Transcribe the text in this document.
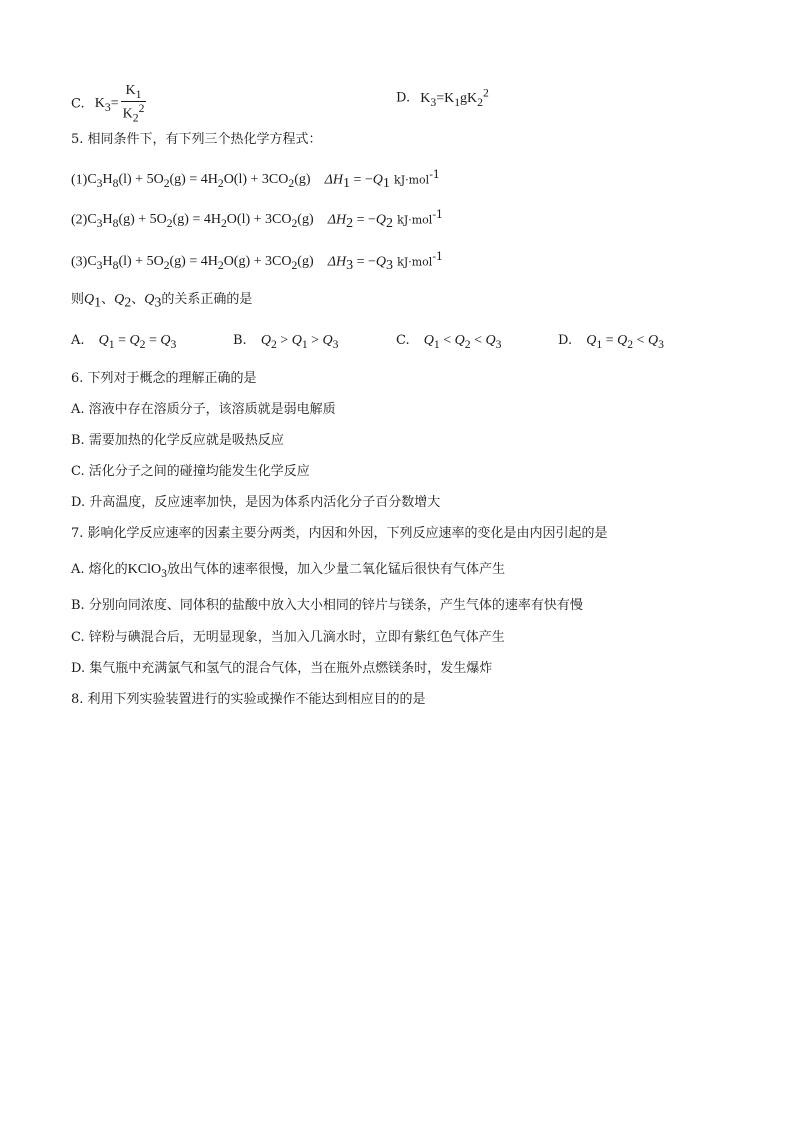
C. $K_3= \frac{K_1}{K_2^2}$	D. $K_3=K_1gK_2^2$
5. 相同条件下，有下列三个热化学方程式：
$(1)C_3H_8(l) + 5O_2(g) = 4H_2O(l) + 3CO_2(g) \Delta H_1 = -Q_1$ kJ·mol$^{-1}$
$(2)C_3H_8(g) + 5O_2(g) = 4H_2O(l) + 3CO_2(g) \Delta H_2 = -Q_2$ kJ·mol$^{-1}$
$(3)C_3H_8(l) + 5O_2(g) = 4H_2O(g) + 3CO_2(g) \Delta H_3 = -Q_3$ kJ·mol$^{-1}$
则$Q_1$、$Q_2$、$Q_3$的关系正确的是
A. $Q_1 = Q_2 = Q_3$	B. $Q_2 > Q_1 > Q_3$	C. $Q_1 < Q_2 < Q_3$	D. $Q_1 = Q_2 < Q_3$
6. 下列对于概念的理解正确的是
A. 溶液中存在溶质分子，该溶质就是弱电解质
B. 需要加热的化学反应就是吸热反应
C. 活化分子之间的碰撞均能发生化学反应
D. 升高温度，反应速率加快，是因为体系内活化分子百分数增大
7. 影响化学反应速率的因素主要分两类，内因和外因，下列反应速率的变化是由内因引起的是
A. 熔化的KClO$_3$放出气体的速率很慢，加入少量二氧化锰后很快有气体产生
B. 分别向同浓度、同体积的盐酸中放入大小相同的锌片与镁条，产生气体的速率有快有慢
C. 锌粉与碘混合后，无明显现象，当加入几滴水时，立即有紫红色气体产生
D. 集气瓶中充满氯气和氢气的混合气体，当在瓶外点燃镁条时，发生爆炸
8. 利用下列实验装置进行的实验或操作不能达到相应目的的是
